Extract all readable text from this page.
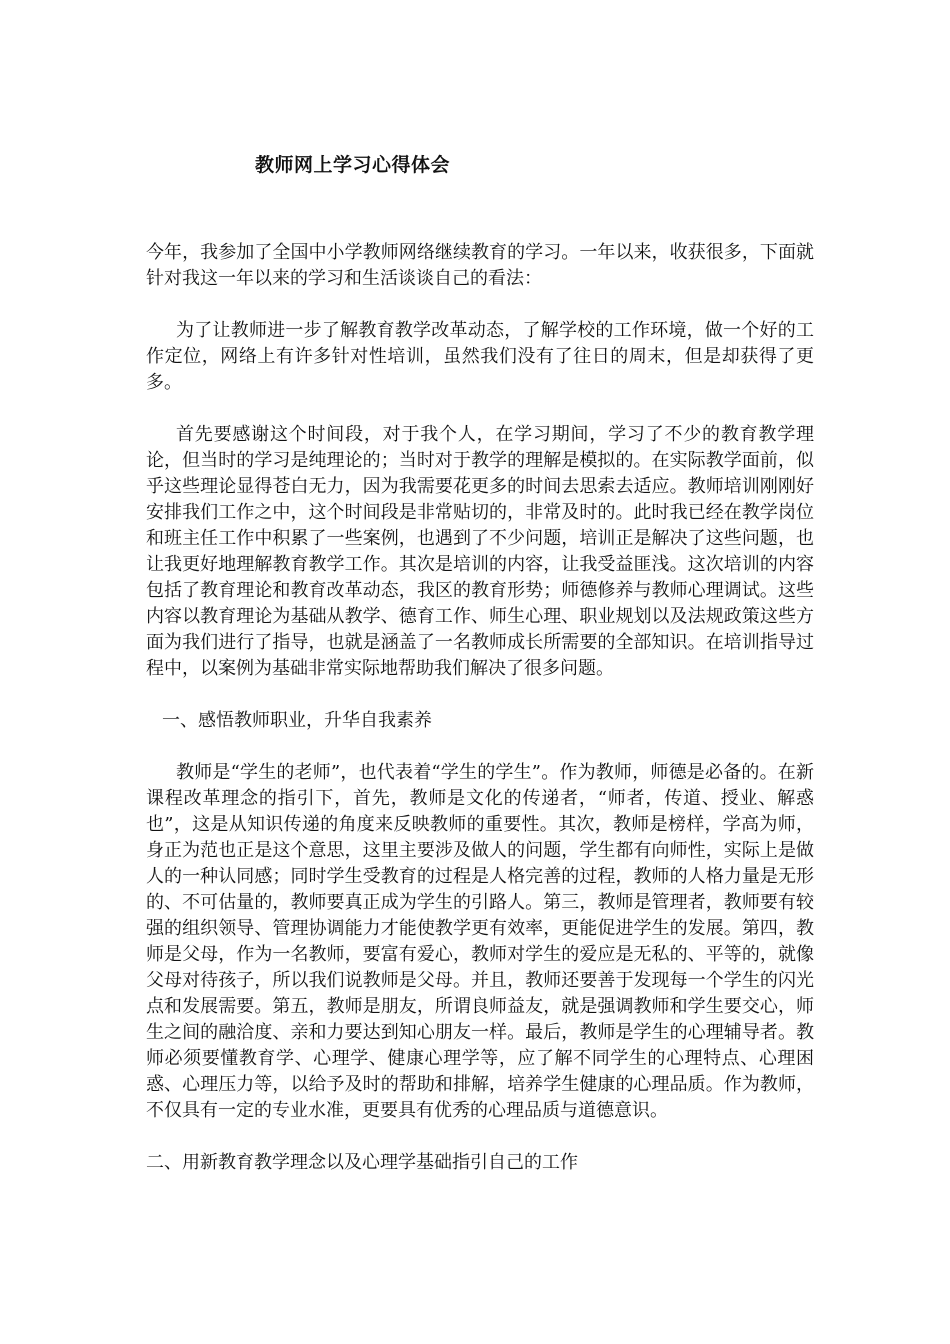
教师网上学习心得体会

今年，我参加了全国中小学教师网络继续教育的学习。一年以来，收获很多，下面就针对我这一年以来的学习和生活谈谈自己的看法：

为了让教师进一步了解教育教学改革动态，了解学校的工作环境，做一个好的工作定位，网络上有许多针对性培训，虽然我们没有了往日的周末，但是却获得了更多。

首先要感谢这个时间段，对于我个人，在学习期间，学习了不少的教育教学理论，但当时的学习是纯理论的；当时对于教学的理解是模拟的。在实际教学面前，似乎这些理论显得苍白无力，因为我需要花更多的时间去思索去适应。教师培训刚刚好安排我们工作之中，这个时间段是非常贴切的，非常及时的。此时我已经在教学岗位和班主任工作中积累了一些案例，也遇到了不少问题，培训正是解决了这些问题，也让我更好地理解教育教学工作。其次是培训的内容，让我受益匪浅。这次培训的内容包括了教育理论和教育改革动态，我区的教育形势；师德修养与教师心理调试。这些内容以教育理论为基础从教学、德育工作、师生心理、职业规划以及法规政策这些方面为我们进行了指导，也就是涵盖了一名教师成长所需要的全部知识。在培训指导过程中，以案例为基础非常实际地帮助我们解决了很多问题。

一、感悟教师职业，升华自我素养

教师是“学生的老师”，也代表着“学生的学生”。作为教师，师德是必备的。在新课程改革理念的指引下，首先，教师是文化的传递者，“师者，传道、授业、解惑也”，这是从知识传递的角度来反映教师的重要性。其次，教师是榜样，学高为师，身正为范也正是这个意思，这里主要涉及做人的问题，学生都有向师性，实际上是做人的一种认同感；同时学生受教育的过程是人格完善的过程，教师的人格力量是无形的、不可估量的，教师要真正成为学生的引路人。第三，教师是管理者，教师要有较强的组织领导、管理协调能力才能使教学更有效率，更能促进学生的发展。第四，教师是父母，作为一名教师，要富有爱心，教师对学生的爱应是无私的、平等的，就像父母对待孩子，所以我们说教师是父母。并且，教师还要善于发现每一个学生的闪光点和发展需要。第五，教师是朋友，所谓良师益友，就是强调教师和学生要交心，师生之间的融洽度、亲和力要达到知心朋友一样。最后，教师是学生的心理辅导者。教师必须要懂教育学、心理学、健康心理学等，应了解不同学生的心理特点、心理困惑、心理压力等，以给予及时的帮助和排解，培养学生健康的心理品质。作为教师，不仅具有一定的专业水准，更要具有优秀的心理品质与道德意识。

二、用新教育教学理念以及心理学基础指引自己的工作
